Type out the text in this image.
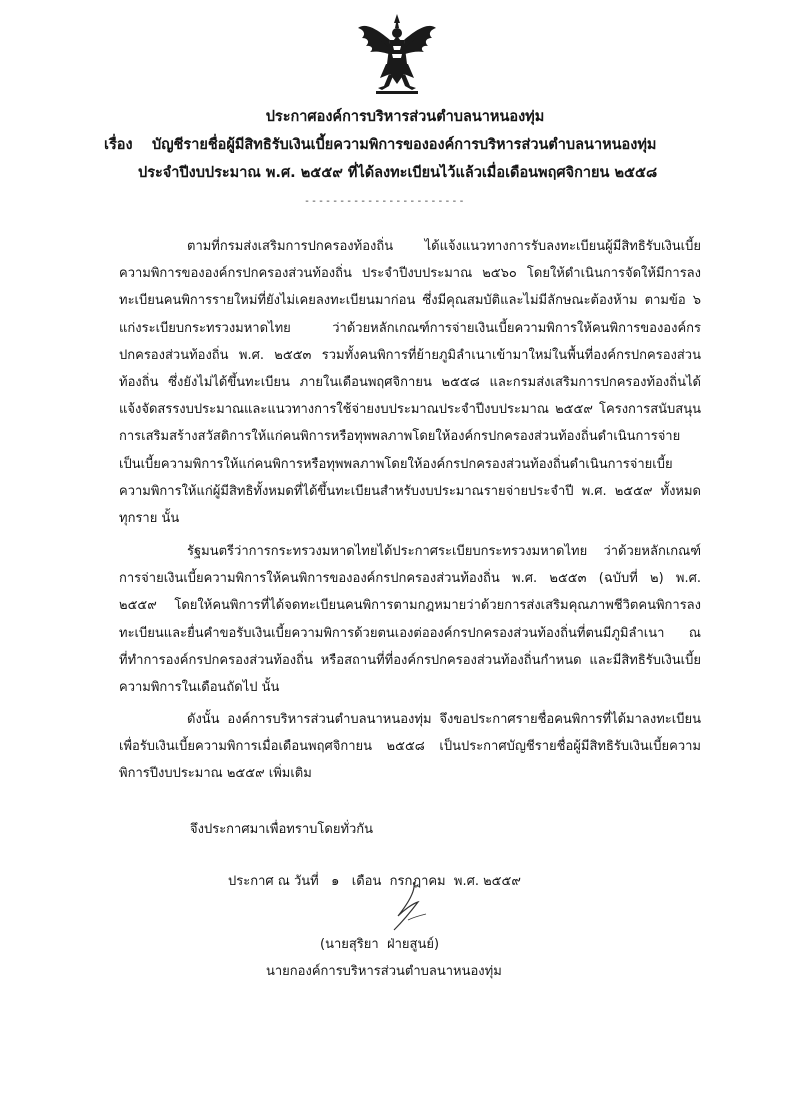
ประกาศองค์การบริหารส่วนตำบลนาหนองทุ่ม
เรื่อง บัญชีรายชื่อผู้มีสิทธิรับเงินเบี้ยความพิการขององค์การบริหารส่วนตำบลนาหนองทุ่ม
ประจำปีงบประมาณ พ.ศ. ๒๕๕๙ ที่ได้ลงทะเบียนไว้แล้วเมื่อเดือนพฤศจิกายน ๒๕๕๘
-----------------------

ตามที่กรมส่งเสริมการปกครองท้องถิ่น ได้แจ้งแนวทางการรับลงทะเบียนผู้มีสิทธิรับเงินเบี้ยความพิการขององค์กรปกครองส่วนท้องถิ่น ประจำปีงบประมาณ ๒๕๖๐ โดยให้ดำเนินการจัดให้มีการลงทะเบียนคนพิการรายใหม่ที่ยังไม่เคยลงทะเบียนมาก่อน ซึ่งมีคุณสมบัติและไม่มีลักษณะต้องห้าม ตามข้อ ๖ แก่งระเบียบกระทรวงมหาดไทย ว่าด้วยหลักเกณฑ์การจ่ายเงินเบี้ยความพิการให้คนพิการขององค์กรปกครองส่วนท้องถิ่น พ.ศ. ๒๕๕๓ รวมทั้งคนพิการที่ย้ายภูมิลำเนาเข้ามาใหม่ในพื้นที่องค์กรปกครองส่วนท้องถิ่น ซึ่งยังไม่ได้ขึ้นทะเบียน ภายในเดือนพฤศจิกายน ๒๕๕๘ และกรมส่งเสริมการปกครองท้องถิ่นได้แจ้งจัดสรรงบประมาณและแนวทางการใช้จ่ายงบประมาณประจำปีงบประมาณ ๒๕๕๙ โครงการสนับสนุนการเสริมสร้างสวัสดิการให้แก่คนพิการหรือทุพพลภาพโดยให้องค์กรปกครองส่วนท้องถิ่นดำเนินการจ่ายเป็นเบี้ยความพิการให้แก่คนพิการหรือทุพพลภาพโดยให้องค์กรปกครองส่วนท้องถิ่นดำเนินการจ่ายเบี้ยความพิการให้แก่ผู้มีสิทธิทั้งหมดที่ได้ขึ้นทะเบียนสำหรับงบประมาณรายจ่ายประจำปี พ.ศ. ๒๕๕๙ ทั้งหมดทุกราย นั้น

รัฐมนตรีว่าการกระทรวงมหาดไทยได้ประกาศระเบียบกระทรวงมหาดไทย ว่าด้วยหลักเกณฑ์การจ่ายเงินเบี้ยความพิการให้คนพิการขององค์กรปกครองส่วนท้องถิ่น พ.ศ. ๒๕๕๓ (ฉบับที่ ๒) พ.ศ. ๒๕๕๙ โดยให้คนพิการที่ได้จดทะเบียนคนพิการตามกฎหมายว่าด้วยการส่งเสริมคุณภาพชีวิตคนพิการลงทะเบียนและยื่นคำขอรับเงินเบี้ยความพิการด้วยตนเองต่อองค์กรปกครองส่วนท้องถิ่นที่ตนมีภูมิลำเนา ณ ที่ทำการองค์กรปกครองส่วนท้องถิ่น หรือสถานที่ที่องค์กรปกครองส่วนท้องถิ่นกำหนด และมีสิทธิรับเงินเบี้ยความพิการในเดือนถัดไป นั้น

ดังนั้น องค์การบริหารส่วนตำบลนาหนองทุ่ม จึงขอประกาศรายชื่อคนพิการที่ได้มาลงทะเบียนเพื่อรับเงินเบี้ยความพิการเมื่อเดือนพฤศจิกายน ๒๕๕๘ เป็นประกาศบัญชีรายชื่อผู้มีสิทธิรับเงินเบี้ยความพิการปีงบประมาณ ๒๕๕๙ เพิ่มเติม

จึงประกาศมาเพื่อทราบโดยทั่วกัน
ประกาศ ณ วันที่   ๑   เดือน  กรกฎาคม  พ.ศ. ๒๕๕๙
(นายสุริยา  ฝ่ายสูนย์)
นายกองค์การบริหารส่วนตำบลนาหนองทุ่ม
